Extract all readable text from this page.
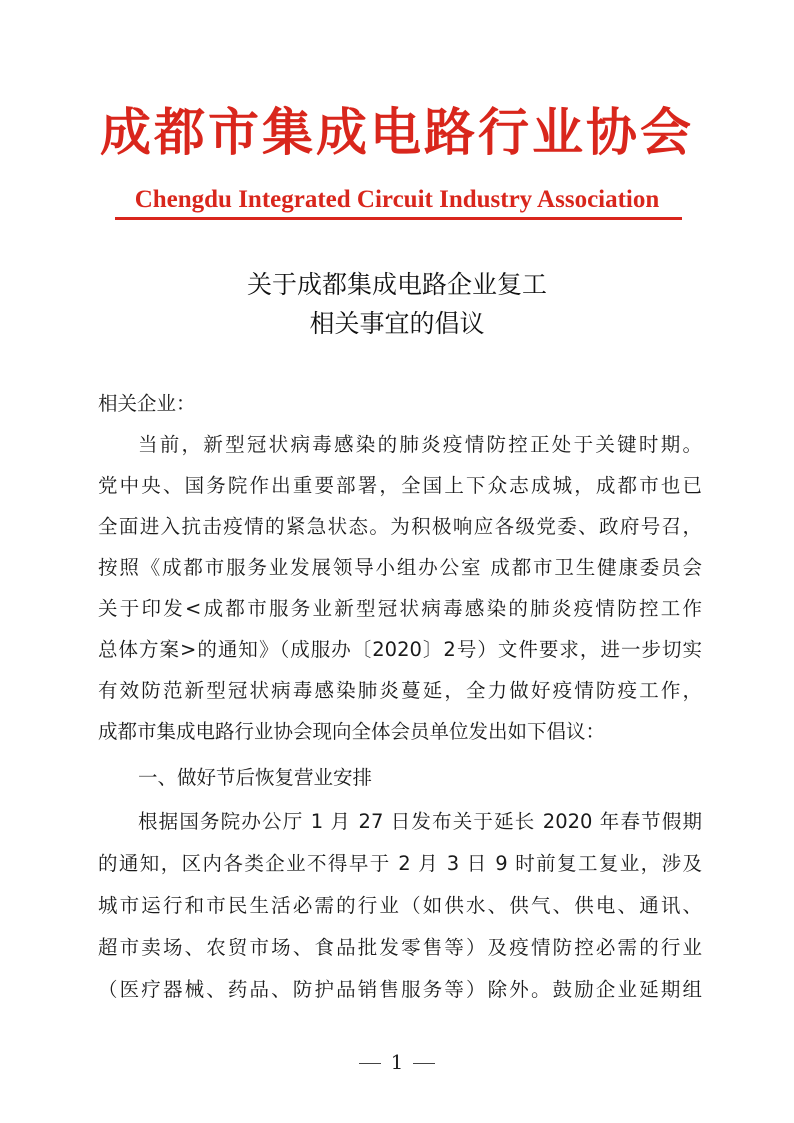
成都市集成电路行业协会
Chengdu Integrated Circuit Industry Association
关于成都集成电路企业复工
相关事宜的倡议
相关企业：
当前，新型冠状病毒感染的肺炎疫情防控正处于关键时期。
党中央、国务院作出重要部署，全国上下众志成城，成都市也已
全面进入抗击疫情的紧急状态。为积极响应各级党委、政府号召，
按照《成都市服务业发展领导小组办公室 成都市卫生健康委员会
关于印发<成都市服务业新型冠状病毒感染的肺炎疫情防控工作
总体方案>的通知》（成服办〔2020〕2号）文件要求，进一步切实
有效防范新型冠状病毒感染肺炎蔓延，全力做好疫情防疫工作，
成都市集成电路行业协会现向全体会员单位发出如下倡议：
一、做好节后恢复营业安排
根据国务院办公厅 1 月 27 日发布关于延长 2020 年春节假期
的通知，区内各类企业不得早于 2 月 3 日 9 时前复工复业，涉及
城市运行和市民生活必需的行业（如供水、供气、供电、通讯、
超市卖场、农贸市场、食品批发零售等）及疫情防控必需的行业
（医疗器械、药品、防护品销售服务等）除外。鼓励企业延期组
1
